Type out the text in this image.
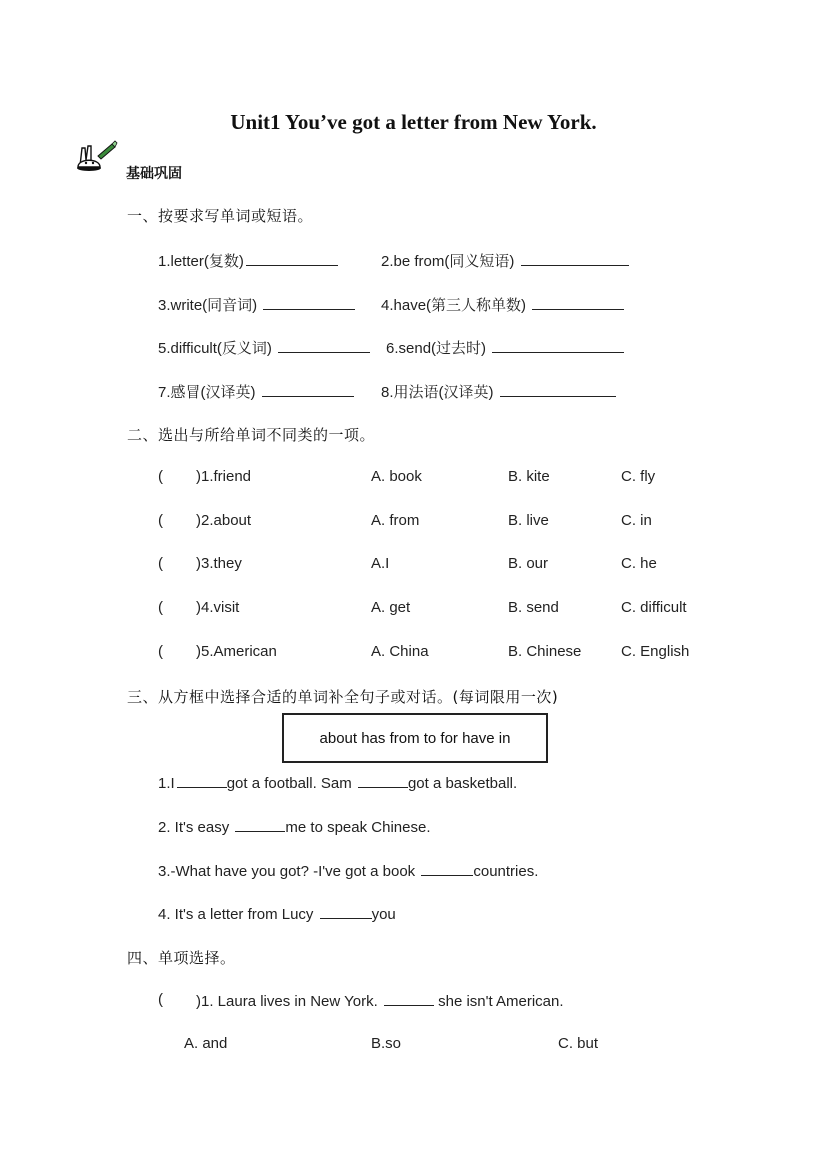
Unit1 You’ve got a letter from New York.
基础巩固
一、按要求写单词或短语。
1.letter(复数)	2.be from(同义短语)
3.write(同音词)	4.have(第三人称单数)
5.difficult(反义词)	6.send(过去时)
7.感冒(汉译英)	8.用法语(汉译英)
二、选出与所给单词不同类的一项。
( )1.friend	A. book	B. kite	C. fly
( )2.about	A. from	B. live	C. in
( )3.they	A.I	B. our	C. he
( )4.visit	A. get	B. send	C. difficult
( )5.American	A. China	B. Chinese	C. English
三、从方框中选择合适的单词补全句子或对话。(每词限用一次)
about has from to for have in
1.I	got a football. Sam	got a basketball.
2. It's easy	me to speak Chinese.
3.-What have you got? -I've got a book	countries.
4. It's a letter from Lucy	you
四、单项选择。
( )1. Laura lives in New York.	she isn't American.
A. and	B.so	C. but
